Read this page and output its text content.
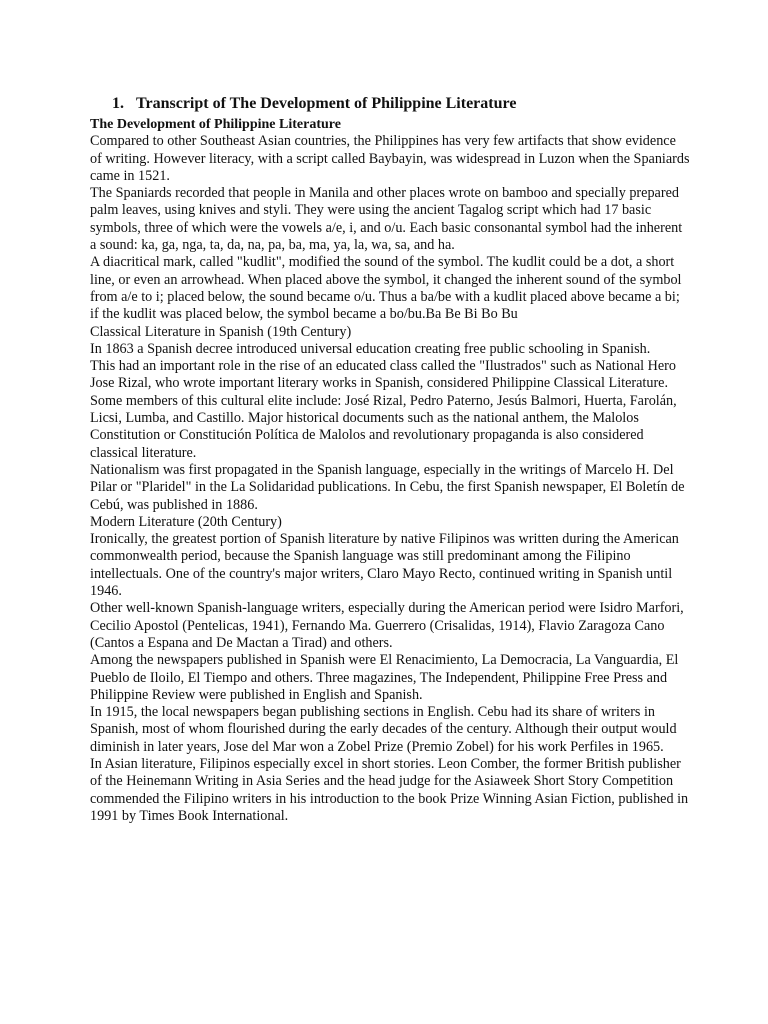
1. Transcript of The Development of Philippine Literature
The Development of Philippine Literature

Compared to other Southeast Asian countries, the Philippines has very few artifacts that show evidence of writing. However literacy, with a script called Baybayin, was widespread in Luzon when the Spaniards came in 1521.

The Spaniards recorded that people in Manila and other places wrote on bamboo and specially prepared palm leaves, using knives and styli. They were using the ancient Tagalog script which had 17 basic symbols, three of which were the vowels a/e, i, and o/u. Each basic consonantal symbol had the inherent a sound: ka, ga, nga, ta, da, na, pa, ba, ma, ya, la, wa, sa, and ha.

A diacritical mark, called "kudlit", modified the sound of the symbol. The kudlit could be a dot, a short line, or even an arrowhead. When placed above the symbol, it changed the inherent sound of the symbol from a/e to i; placed below, the sound became o/u. Thus a ba/be with a kudlit placed above became a bi; if the kudlit was placed below, the symbol became a bo/bu.Ba Be Bi Bo Bu

Classical Literature in Spanish (19th Century)

In 1863 a Spanish decree introduced universal education creating free public schooling in Spanish.

This had an important role in the rise of an educated class called the "Ilustrados" such as National Hero Jose Rizal, who wrote important literary works in Spanish, considered Philippine Classical Literature.

Some members of this cultural elite include: José Rizal, Pedro Paterno, Jesús Balmori, Huerta, Farolán, Licsi, Lumba, and Castillo. Major historical documents such as the national anthem, the Malolos Constitution or Constitución Política de Malolos and revolutionary propaganda is also considered classical literature.

Nationalism was first propagated in the Spanish language, especially in the writings of Marcelo H. Del Pilar or "Plaridel" in the La Solidaridad publications. In Cebu, the first Spanish newspaper, El Boletín de Cebú, was published in 1886.

Modern Literature (20th Century)

Ironically, the greatest portion of Spanish literature by native Filipinos was written during the American commonwealth period, because the Spanish language was still predominant among the Filipino intellectuals. One of the country's major writers, Claro Mayo Recto, continued writing in Spanish until 1946.

Other well-known Spanish-language writers, especially during the American period were Isidro Marfori, Cecilio Apostol (Pentelicas, 1941), Fernando Ma. Guerrero (Crisalidas, 1914), Flavio Zaragoza Cano (Cantos a Espana and De Mactan a Tirad) and others.

Among the newspapers published in Spanish were El Renacimiento, La Democracia, La Vanguardia, El Pueblo de Iloilo, El Tiempo and others. Three magazines, The Independent, Philippine Free Press and Philippine Review were published in English and Spanish.

In 1915, the local newspapers began publishing sections in English. Cebu had its share of writers in Spanish, most of whom flourished during the early decades of the century. Although their output would diminish in later years, Jose del Mar won a Zobel Prize (Premio Zobel) for his work Perfiles in 1965.

In Asian literature, Filipinos especially excel in short stories. Leon Comber, the former British publisher of the Heinemann Writing in Asia Series and the head judge for the Asiaweek Short Story Competition commended the Filipino writers in his introduction to the book Prize Winning Asian Fiction, published in 1991 by Times Book International.
